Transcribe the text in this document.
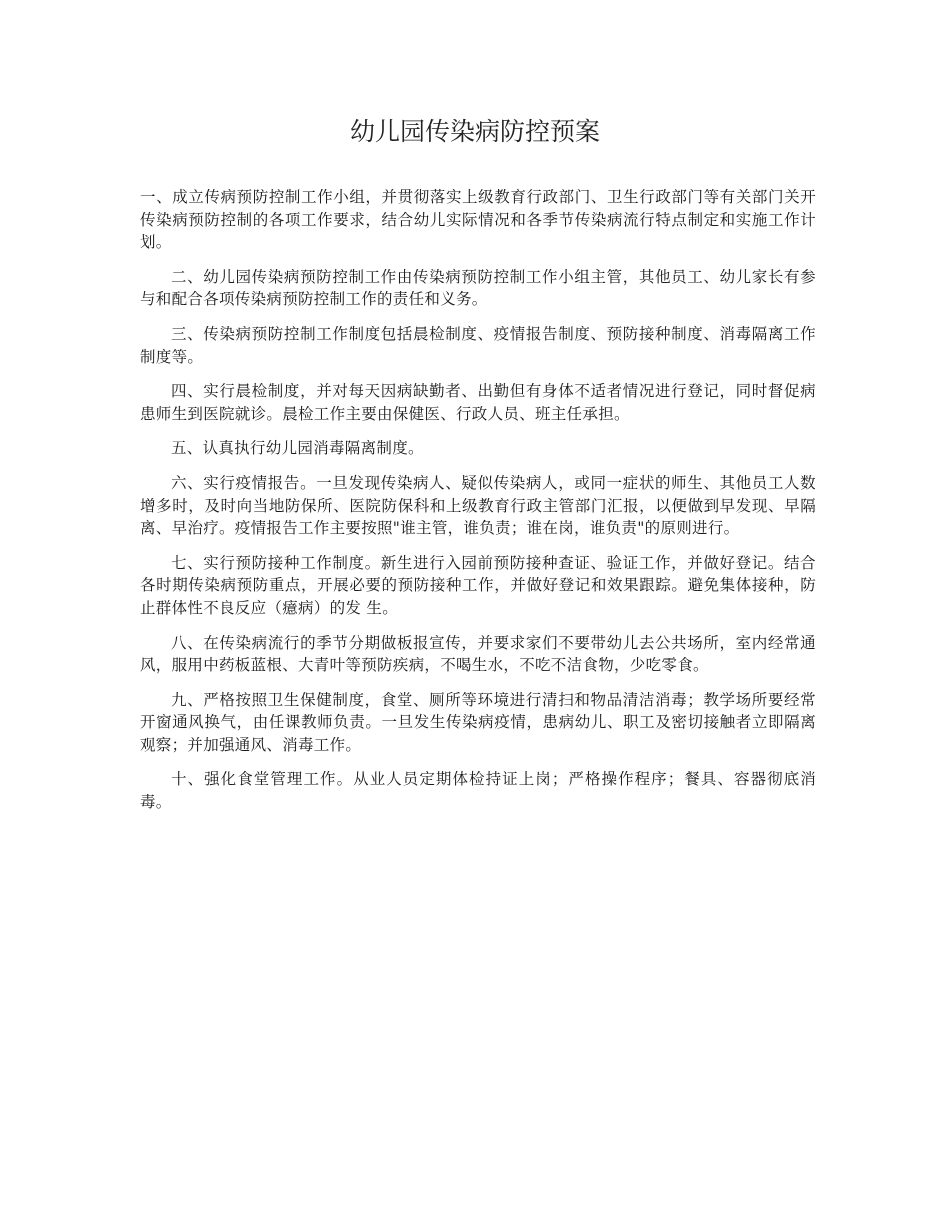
幼儿园传染病防控预案

一、成立传病预防控制工作小组，并贯彻落实上级教育行政部门、卫生行政部门等有关部门关开传染病预防控制的各项工作要求，结合幼儿实际情况和各季节传染病流行特点制定和实施工作计划。

二、幼儿园传染病预防控制工作由传染病预防控制工作小组主管，其他员工、幼儿家长有参与和配合各项传染病预防控制工作的责任和义务。

三、传染病预防控制工作制度包括晨检制度、疫情报告制度、预防接种制度、消毒隔离工作制度等。

四、实行晨检制度，并对每天因病缺勤者、出勤但有身体不适者情况进行登记，同时督促病患师生到医院就诊。晨检工作主要由保健医、行政人员、班主任承担。

五、认真执行幼儿园消毒隔离制度。

六、实行疫情报告。一旦发现传染病人、疑似传染病人，或同一症状的师生、其他员工人数增多时，及时向当地防保所、医院防保科和上级教育行政主管部门汇报，以便做到早发现、早隔离、早治疗。疫情报告工作主要按照"谁主管，谁负责；谁在岗，谁负责"的原则进行。

七、实行预防接种工作制度。新生进行入园前预防接种查证、验证工作，并做好登记。结合各时期传染病预防重点，开展必要的预防接种工作，并做好登记和效果跟踪。避免集体接种，防止群体性不良反应（癔病）的发 生。

八、在传染病流行的季节分期做板报宣传，并要求家们不要带幼儿去公共场所，室内经常通风，服用中药板蓝根、大青叶等预防疾病，不喝生水，不吃不洁食物，少吃零食。

九、严格按照卫生保健制度，食堂、厕所等环境进行清扫和物品清洁消毒；教学场所要经常开窗通风换气，由任课教师负责。一旦发生传染病疫情，患病幼儿、职工及密切接触者立即隔离观察；并加强通风、消毒工作。

十、强化食堂管理工作。从业人员定期体检持证上岗；严格操作程序；餐具、容器彻底消毒。
